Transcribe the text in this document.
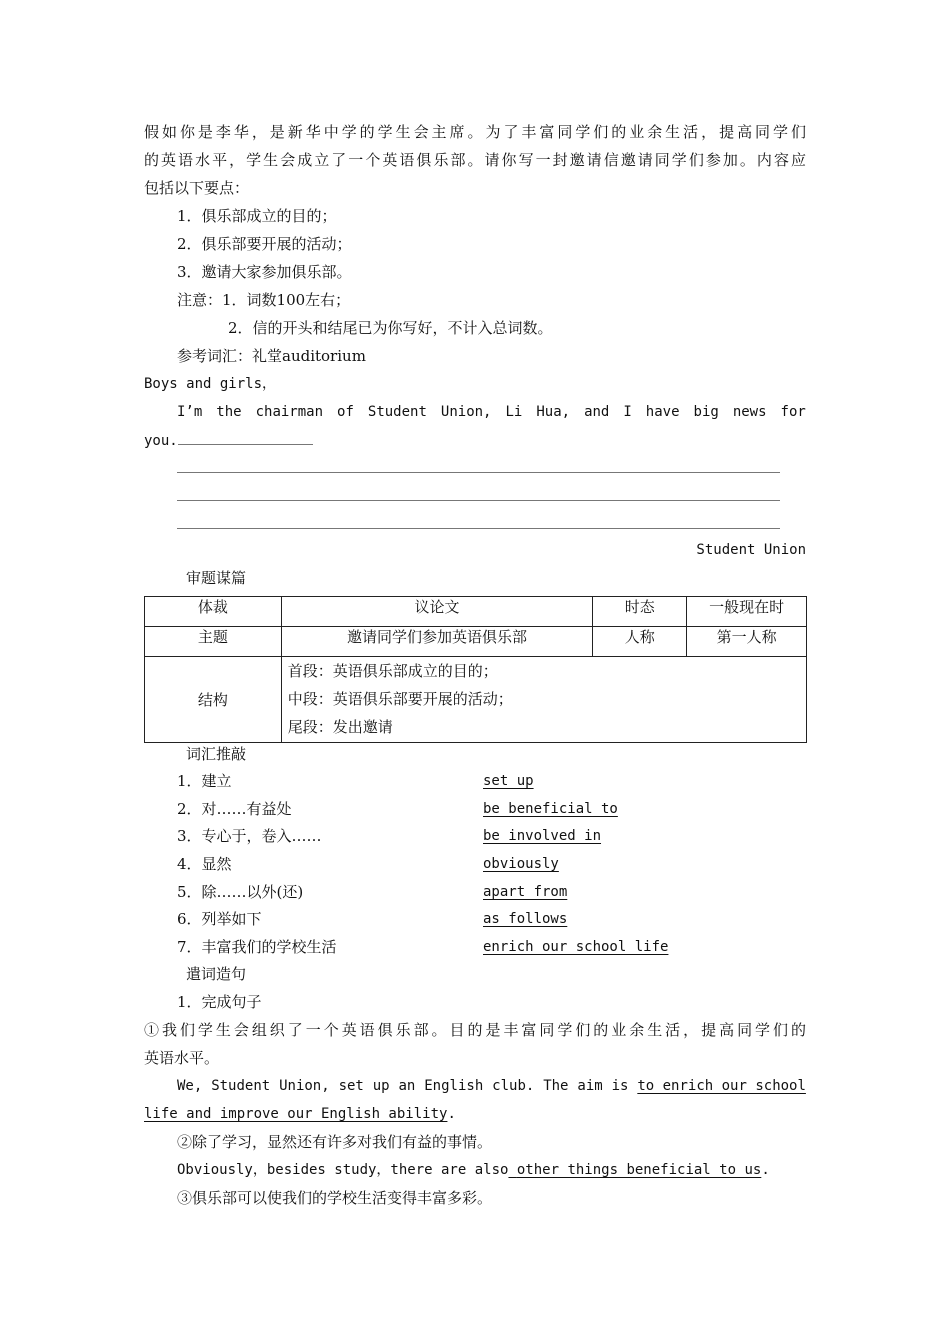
假如你是李华，是新华中学的学生会主席。为了丰富同学们的业余生活，提高同学们
的英语水平，学生会成立了一个英语俱乐部。请你写一封邀请信邀请同学们参加。内容应
包括以下要点：
1．俱乐部成立的目的；
2．俱乐部要开展的活动；
3．邀请大家参加俱乐部。
注意：1．词数100左右；
2．信的开头和结尾已为你写好，不计入总词数。
参考词汇：礼堂auditorium
Boys and girls，
I’m the chairman of Student Union, Li Hua, and I have big news for
you.
Student Union
审题谋篇
体裁	议论文	时态	一般现在时
主题	邀请同学们参加英语俱乐部	人称	第一人称
结构	首段：英语俱乐部成立的目的；
中段：英语俱乐部要开展的活动；
尾段：发出邀请		
词汇推敲
1．建立	set up
2．对……有益处	be beneficial to
3．专心于，卷入……	be involved in
4．显然	obviously
5．除……以外(还)	apart from
6．列举如下	as follows
7．丰富我们的学校生活	enrich our school life
遣词造句
1．完成句子
①我们学生会组织了一个英语俱乐部。目的是丰富同学们的业余生活，提高同学们的
英语水平。
We, Student Union, set up an English club. The aim is to enrich our school
life and improve our English ability.
②除了学习，显然还有许多对我们有益的事情。
Obviously，besides study，there are also other things beneficial to us.
③俱乐部可以使我们的学校生活变得丰富多彩。
